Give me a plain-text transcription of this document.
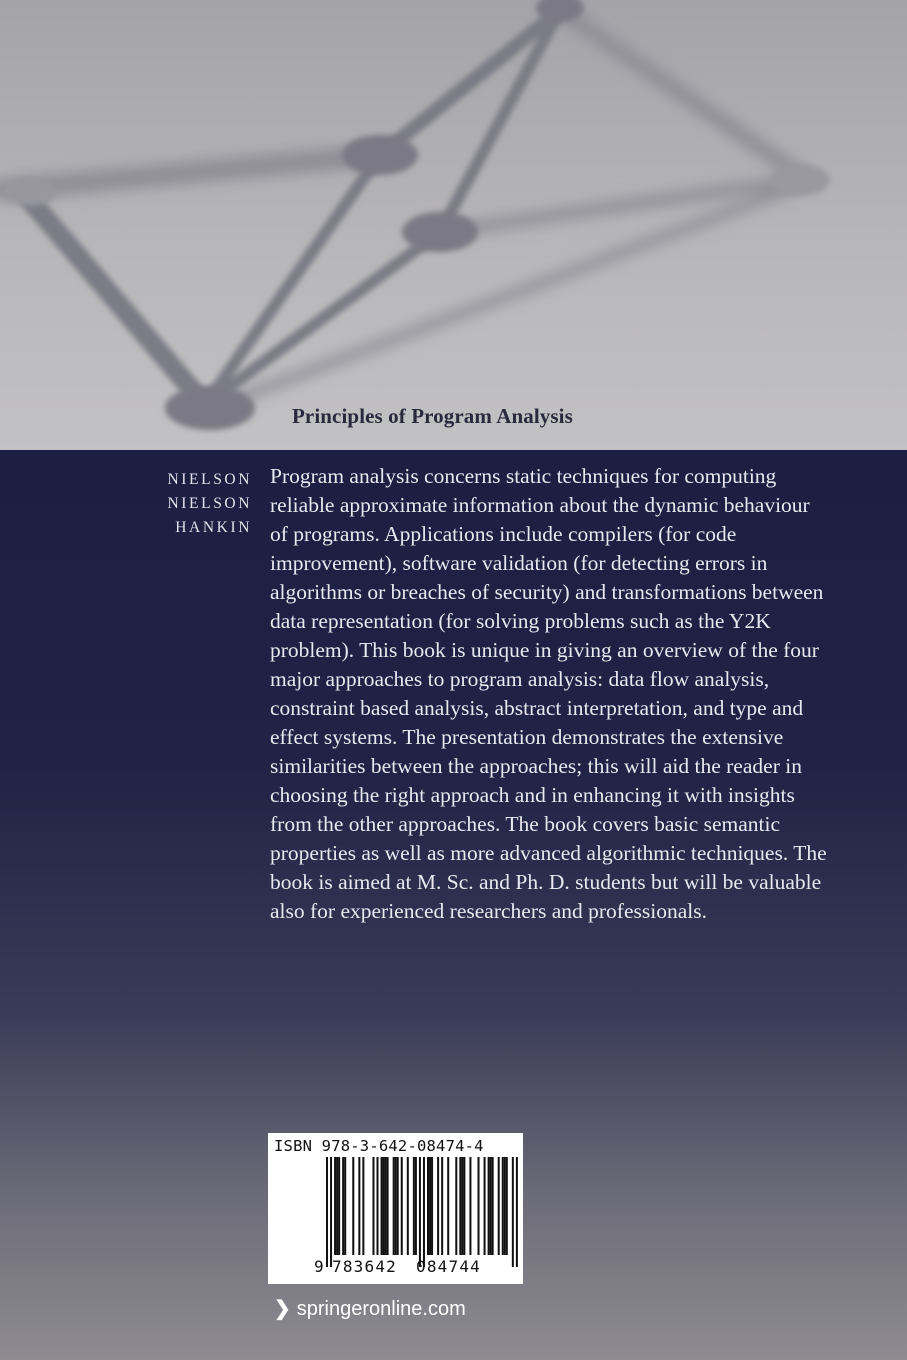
Principles of Program Analysis
NIELSON
NIELSON
HANKIN
Program analysis concerns static techniques for computing reliable approximate information about the dynamic behaviour of programs. Applications include compilers (for code improvement), software validation (for detecting errors in algorithms or breaches of security) and transformations between data representation (for solving problems such as the Y2K problem). This book is unique in giving an overview of the four major approaches to program analysis: data flow analysis, constraint based analysis, abstract interpretation, and type and effect systems. The presentation demonstrates the extensive similarities between the approaches; this will aid the reader in choosing the right approach and in enhancing it with insights from the other approaches. The book covers basic semantic properties as well as more advanced algorithmic techniques. The book is aimed at M. Sc. and Ph. D. students but will be valuable also for experienced researchers and professionals.
ISBN 978-3-642-08474-4
9 783642 084744
❯ springeronline.com
